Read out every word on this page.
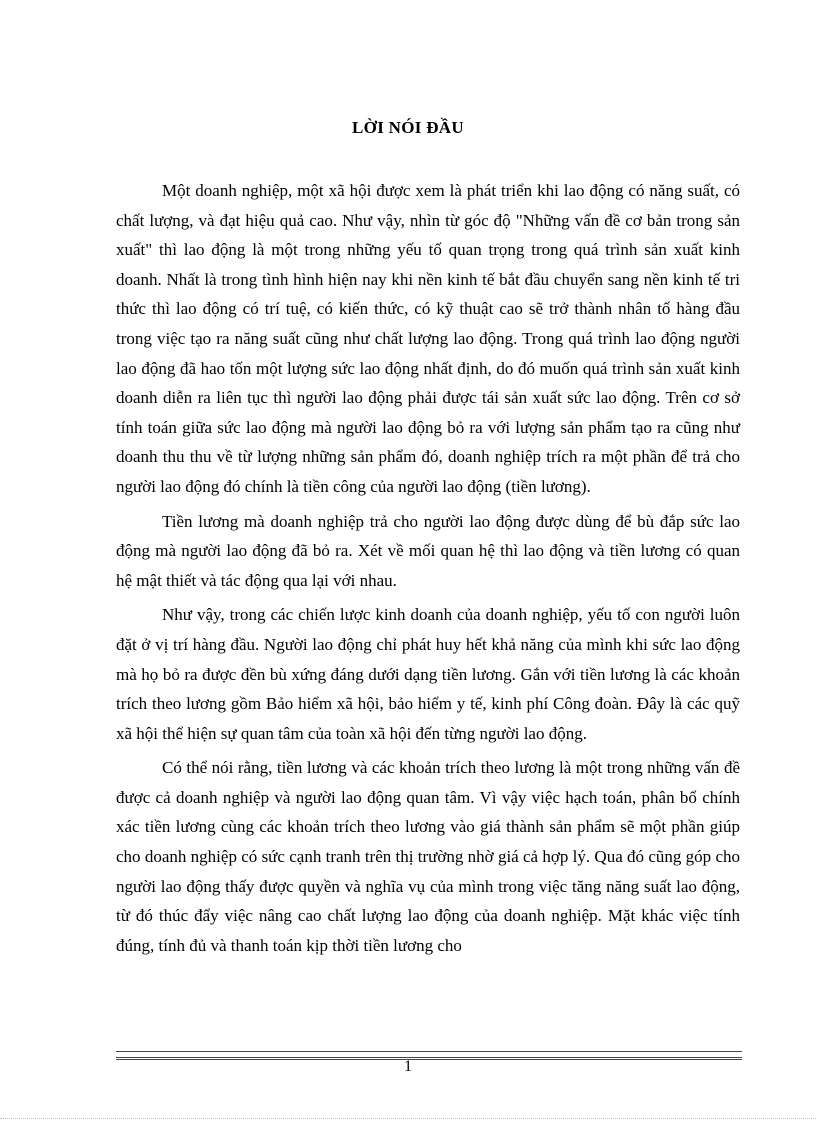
LỜI NÓI ĐẦU

Một doanh nghiệp, một xã hội được xem là phát triển khi lao động có năng suất, có chất lượng, và đạt hiệu quả cao. Như vậy, nhìn từ góc độ "Những vấn đề cơ bản trong sản xuất" thì lao động là một trong những yếu tố quan trọng trong quá trình sản xuất kinh doanh. Nhất là trong tình hình hiện nay khi nền kinh tế bắt đầu chuyển sang nền kinh tế tri thức thì lao động có trí tuệ, có kiến thức, có kỹ thuật cao sẽ trở thành nhân tố hàng đầu trong việc tạo ra năng suất cũng như chất lượng lao động. Trong quá trình lao động người lao động đã hao tốn một lượng sức lao động nhất định, do đó muốn quá trình sản xuất kinh doanh diễn ra liên tục thì người lao động phải được tái sản xuất sức lao động. Trên cơ sở tính toán giữa sức lao động mà người lao động bỏ ra với lượng sản phẩm tạo ra cũng như doanh thu thu về từ lượng những sản phẩm đó, doanh nghiệp trích ra một phần để trả cho người lao động đó chính là tiền công của người lao động (tiền lương).

Tiền lương mà doanh nghiệp trả cho người lao động được dùng để bù đắp sức lao động mà người lao động đã bỏ ra. Xét về mối quan hệ thì lao động và tiền lương có quan hệ mật thiết và tác động qua lại với nhau.

Như vậy, trong các chiến lược kinh doanh của doanh nghiệp, yếu tố con người luôn đặt ở vị trí hàng đầu. Người lao động chỉ phát huy hết khả năng của mình khi sức lao động mà họ bỏ ra được đền bù xứng đáng dưới dạng tiền lương. Gắn với tiền lương là các khoản trích theo lương gồm Bảo hiểm xã hội, bảo hiểm y tế, kinh phí Công đoàn. Đây là các quỹ xã hội thể hiện sự quan tâm của toàn xã hội đến từng người lao động.

Có thể nói rằng, tiền lương và các khoản trích theo lương là một trong những vấn đề được cả doanh nghiệp và người lao động quan tâm. Vì vậy việc hạch toán, phân bổ chính xác tiền lương cùng các khoản trích theo lương vào giá thành sản phẩm sẽ một phần giúp cho doanh nghiệp có sức cạnh tranh trên thị trường nhờ giá cả hợp lý. Qua đó cũng góp cho người lao động thấy được quyền và nghĩa vụ của mình trong việc tăng năng suất lao động, từ đó thúc đẩy việc nâng cao chất lượng lao động của doanh nghiệp. Mặt khác việc tính đúng, tính đủ và thanh toán kịp thời tiền lương cho

1
